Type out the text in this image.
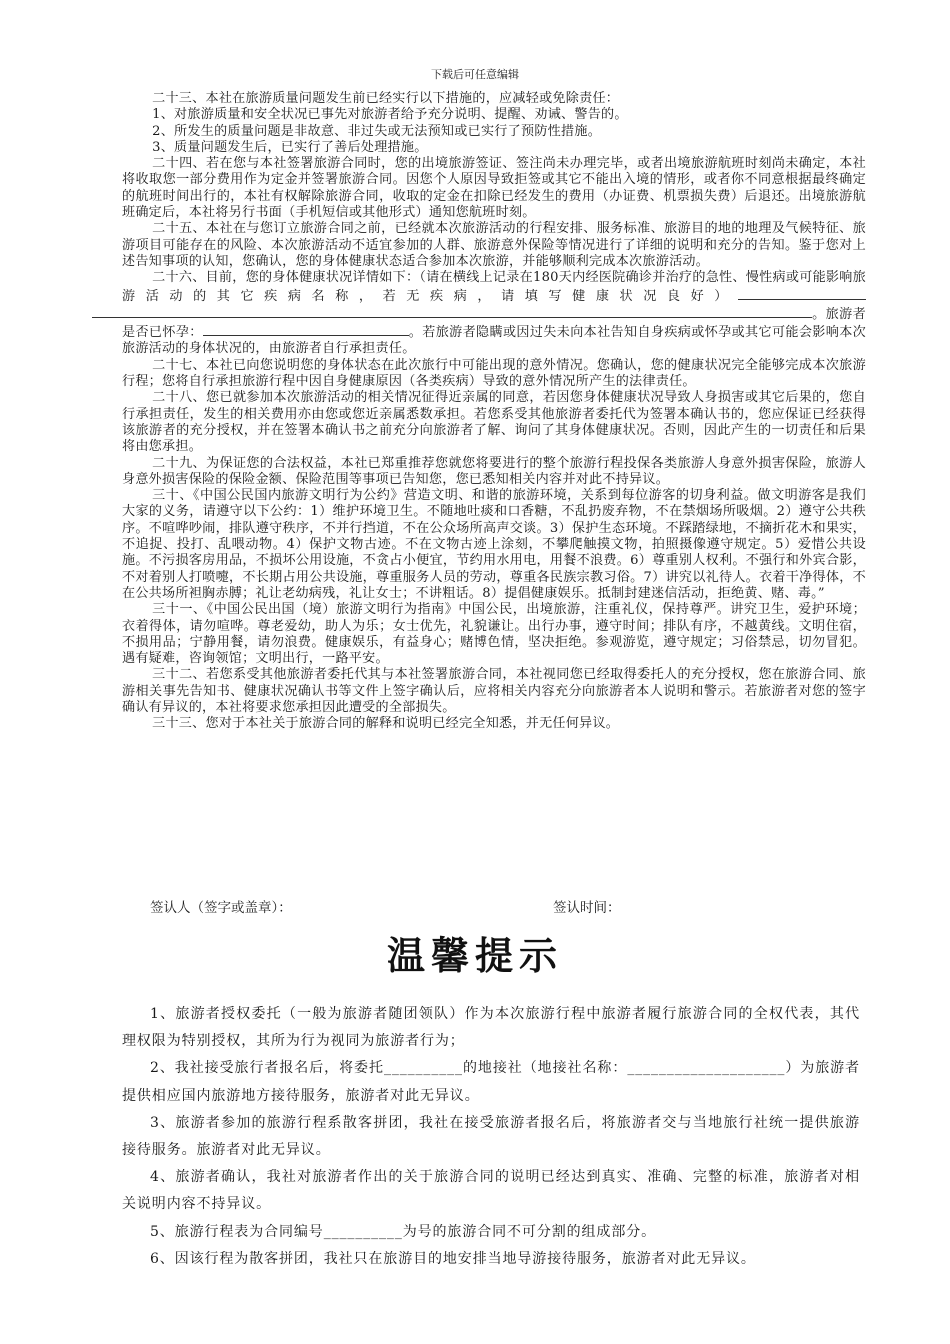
下载后可任意编辑

二十三、本社在旅游质量问题发生前已经实行以下措施的，应减轻或免除责任：

1、对旅游质量和安全状况已事先对旅游者给予充分说明、提醒、劝诫、警告的。

2、所发生的质量问题是非故意、非过失或无法预知或已实行了预防性措施。

3、质量问题发生后，已实行了善后处理措施。

二十四、若在您与本社签署旅游合同时，您的出境旅游签证、签注尚未办理完毕，或者出境旅游航班时刻尚未确定，本社将收取您一部分费用作为定金并签署旅游合同。因您个人原因导致拒签或其它不能出入境的情形，或者你不同意根据最终确定的航班时间出行的，本社有权解除旅游合同，收取的定金在扣除已经发生的费用（办证费、机票损失费）后退还。出境旅游航班确定后，本社将另行书面（手机短信或其他形式）通知您航班时刻。

二十五、本社在与您订立旅游合同之前，已经就本次旅游活动的行程安排、服务标准、旅游目的地的地理及气候特征、旅游项目可能存在的风险、本次旅游活动不适宜参加的人群、旅游意外保险等情况进行了详细的说明和充分的告知。鉴于您对上述告知事项的认知，您确认，您的身体健康状态适合参加本次旅游，并能够顺利完成本次旅游活动。

二十六、目前，您的身体健康状况详情如下：（请在横线上记录在180天内经医院确诊并治疗的急性、慢性病或可能影响旅游活动的其它疾病名称，若无疾病，请填写健康状况良好）。旅游者是否已怀孕：	。若旅游者隐瞒或因过失未向本社告知自身疾病或怀孕或其它可能会影响本次旅游活动的身体状况的，由旅游者自行承担责任。

二十七、本社已向您说明您的身体状态在此次旅行中可能出现的意外情况。您确认，您的健康状况完全能够完成本次旅游行程；您将自行承担旅游行程中因自身健康原因（各类疾病）导致的意外情况所产生的法律责任。

二十八、您已就参加本次旅游活动的相关情况征得近亲属的同意，若因您身体健康状况导致人身损害或其它后果的，您自行承担责任，发生的相关费用亦由您或您近亲属悉数承担。若您系受其他旅游者委托代为签署本确认书的，您应保证已经获得该旅游者的充分授权，并在签署本确认书之前充分向旅游者了解、询问了其身体健康状况。否则，因此产生的一切责任和后果将由您承担。

二十九、为保证您的合法权益，本社已郑重推荐您就您将要进行的整个旅游行程投保各类旅游人身意外损害保险，旅游人身意外损害保险的保险金额、保险范围等事项已告知您，您已悉知相关内容并对此不持异议。

三十、《中国公民国内旅游文明行为公约》营造文明、和谐的旅游环境，关系到每位游客的切身利益。做文明游客是我们大家的义务，请遵守以下公约：1）维护环境卫生。不随地吐痰和口香糖，不乱扔废弃物，不在禁烟场所吸烟。2）遵守公共秩序。不喧哗吵闹，排队遵守秩序，不并行挡道，不在公众场所高声交谈。3）保护生态环境。不踩踏绿地，不摘折花木和果实，不追捉、投打、乱喂动物。4）保护文物古迹。不在文物古迹上涂刻，不攀爬触摸文物，拍照摄像遵守规定。5）爱惜公共设施。不污损客房用品，不损坏公用设施，不贪占小便宜，节约用水用电，用餐不浪费。6）尊重别人权利。不强行和外宾合影，不对着别人打喷嚏，不长期占用公共设施，尊重服务人员的劳动，尊重各民族宗教习俗。7）讲究以礼待人。衣着干净得体，不在公共场所袒胸赤膊；礼让老幼病残，礼让女士；不讲粗话。8）提倡健康娱乐。抵制封建迷信活动，拒绝黄、赌、毒。”

三十一、《中国公民出国（境）旅游文明行为指南》中国公民，出境旅游，注重礼仪，保持尊严。讲究卫生，爱护环境；衣着得体，请勿喧哗。尊老爱幼，助人为乐；女士优先，礼貌谦让。出行办事，遵守时间；排队有序，不越黄线。文明住宿，不损用品；宁静用餐，请勿浪费。健康娱乐，有益身心；赌博色情，坚决拒绝。参观游览，遵守规定；习俗禁忌，切勿冒犯。遇有疑难，咨询领馆；文明出行，一路平安。

三十二、若您系受其他旅游者委托代其与本社签署旅游合同，本社视同您已经取得委托人的充分授权，您在旅游合同、旅游相关事先告知书、健康状况确认书等文件上签字确认后，应将相关内容充分向旅游者本人说明和警示。若旅游者对您的签字确认有异议的，本社将要求您承担因此遭受的全部损失。

三十三、您对于本社关于旅游合同的解释和说明已经完全知悉，并无任何异议。

签认人（签字或盖章）：	签认时间：
温馨提示

1、旅游者授权委托（一般为旅游者随团领队）作为本次旅游行程中旅游者履行旅游合同的全权代表，其代理权限为特别授权，其所为行为视同为旅游者行为；

2、我社接受旅行者报名后，将委托__________的地接社（地接社名称：____________________）为旅游者提供相应国内旅游地方接待服务，旅游者对此无异议。

3、旅游者参加的旅游行程系散客拼团，我社在接受旅游者报名后，将旅游者交与当地旅行社统一提供旅游接待服务。旅游者对此无异议。

4、旅游者确认，我社对旅游者作出的关于旅游合同的说明已经达到真实、准确、完整的标准，旅游者对相关说明内容不持异议。

5、旅游行程表为合同编号__________为号的旅游合同不可分割的组成部分。

6、因该行程为散客拼团，我社只在旅游目的地安排当地导游接待服务，旅游者对此无异议。
